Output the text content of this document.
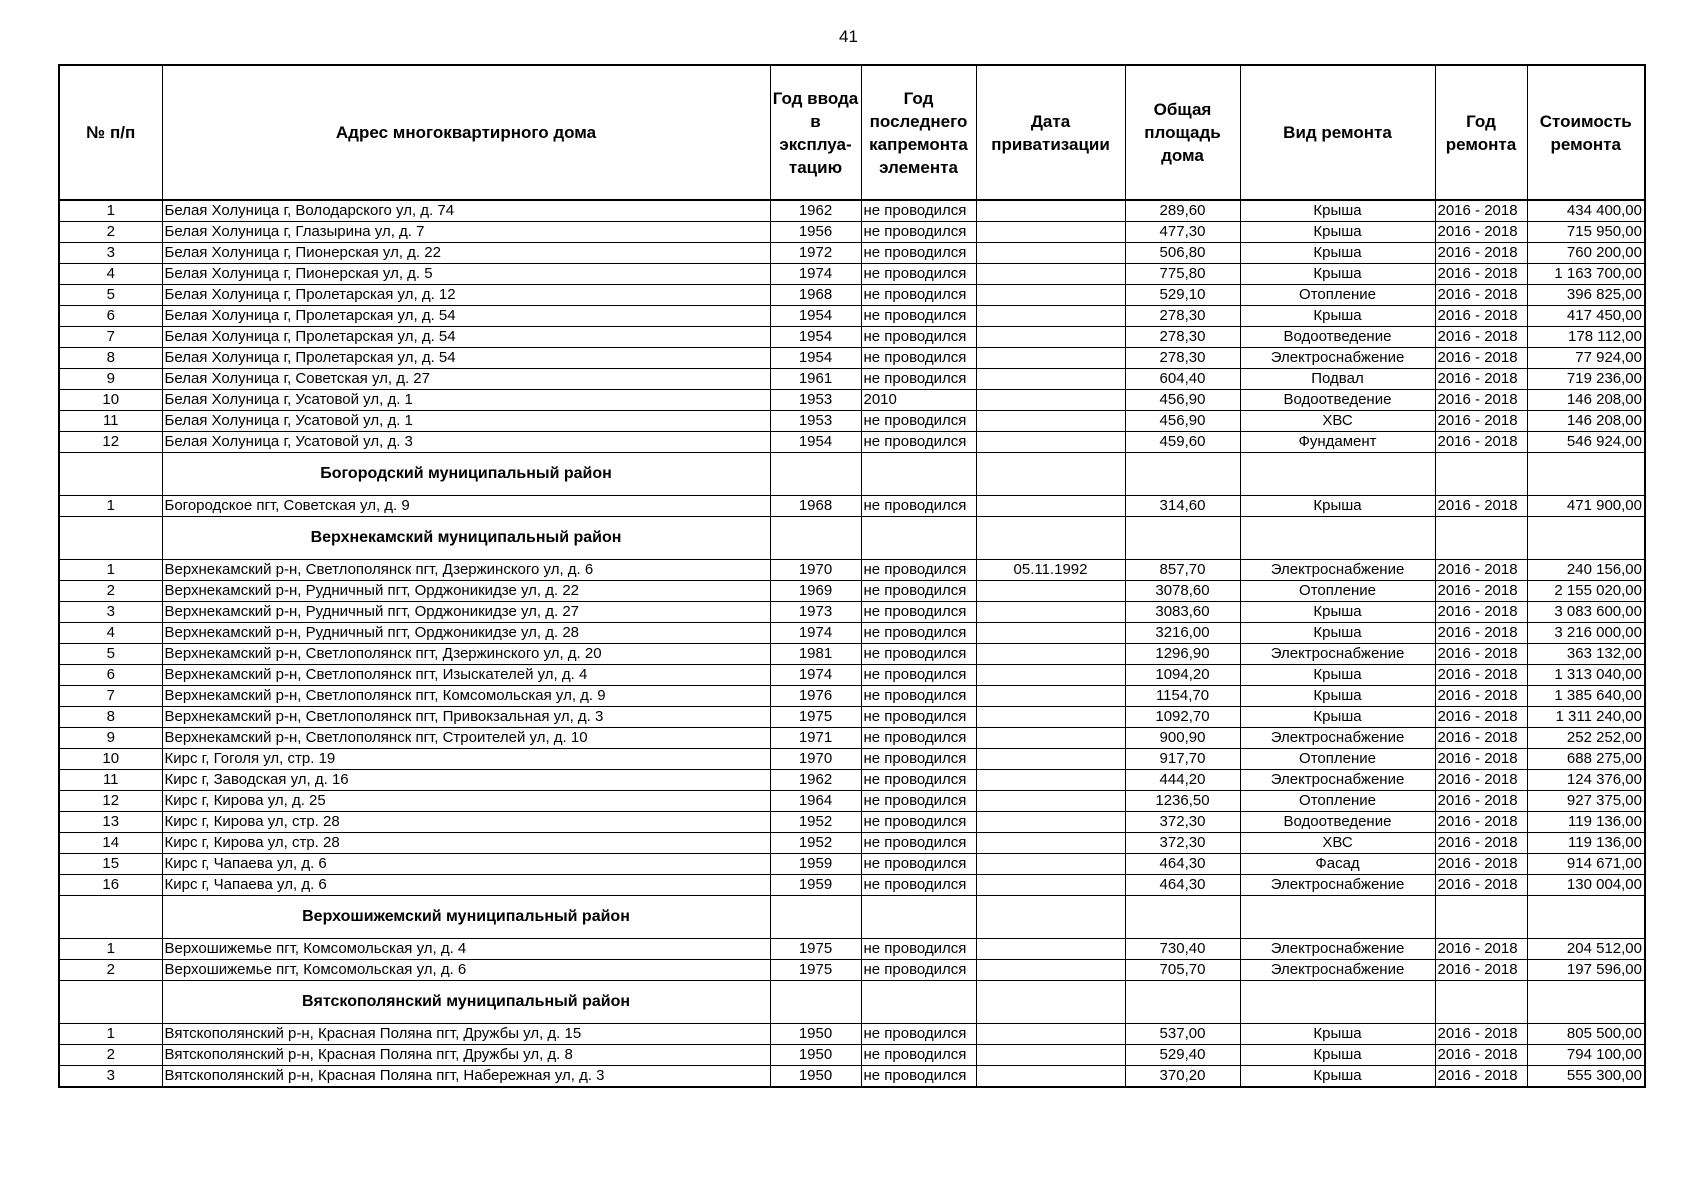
41
№ п/п	Адрес многоквартирного дома	Год ввода в эксплуа-тацию	Год последнего капремонта элемента	Дата приватизации	Общая площадь дома	Вид ремонта	Год ремонта	Стоимость ремонта
1	Белая Холуница г, Володарского ул, д. 74	1962	не проводился		289,60	Крыша	2016 - 2018	434 400,00
2	Белая Холуница г, Глазырина ул, д. 7	1956	не проводился		477,30	Крыша	2016 - 2018	715 950,00
3	Белая Холуница г, Пионерская ул, д. 22	1972	не проводился		506,80	Крыша	2016 - 2018	760 200,00
4	Белая Холуница г, Пионерская ул, д. 5	1974	не проводился		775,80	Крыша	2016 - 2018	1 163 700,00
5	Белая Холуница г, Пролетарская ул, д. 12	1968	не проводился		529,10	Отопление	2016 - 2018	396 825,00
6	Белая Холуница г, Пролетарская ул, д. 54	1954	не проводился		278,30	Крыша	2016 - 2018	417 450,00
7	Белая Холуница г, Пролетарская ул, д. 54	1954	не проводился		278,30	Водоотведение	2016 - 2018	178 112,00
8	Белая Холуница г, Пролетарская ул, д. 54	1954	не проводился		278,30	Электроснабжение	2016 - 2018	77 924,00
9	Белая Холуница г, Советская ул, д. 27	1961	не проводился		604,40	Подвал	2016 - 2018	719 236,00
10	Белая Холуница г, Усатовой ул, д. 1	1953	2010		456,90	Водоотведение	2016 - 2018	146 208,00
11	Белая Холуница г, Усатовой ул, д. 1	1953	не проводился		456,90	ХВС	2016 - 2018	146 208,00
12	Белая Холуница г, Усатовой ул, д. 3	1954	не проводился		459,60	Фундамент	2016 - 2018	546 924,00
	Богородский муниципальный район							
1	Богородское пгт, Советская ул, д. 9	1968	не проводился		314,60	Крыша	2016 - 2018	471 900,00
	Верхнекамский муниципальный район							
1	Верхнекамский р-н, Светлополянск пгт, Дзержинского ул, д. 6	1970	не проводился	05.11.1992	857,70	Электроснабжение	2016 - 2018	240 156,00
2	Верхнекамский р-н, Рудничный пгт, Орджоникидзе ул, д. 22	1969	не проводился		3078,60	Отопление	2016 - 2018	2 155 020,00
3	Верхнекамский р-н, Рудничный пгт, Орджоникидзе ул, д. 27	1973	не проводился		3083,60	Крыша	2016 - 2018	3 083 600,00
4	Верхнекамский р-н, Рудничный пгт, Орджоникидзе ул, д. 28	1974	не проводился		3216,00	Крыша	2016 - 2018	3 216 000,00
5	Верхнекамский р-н, Светлополянск пгт, Дзержинского ул, д. 20	1981	не проводился		1296,90	Электроснабжение	2016 - 2018	363 132,00
6	Верхнекамский р-н, Светлополянск пгт, Изыскателей ул, д. 4	1974	не проводился		1094,20	Крыша	2016 - 2018	1 313 040,00
7	Верхнекамский р-н, Светлополянск пгт, Комсомольская ул, д. 9	1976	не проводился		1154,70	Крыша	2016 - 2018	1 385 640,00
8	Верхнекамский р-н, Светлополянск пгт, Привокзальная ул, д. 3	1975	не проводился		1092,70	Крыша	2016 - 2018	1 311 240,00
9	Верхнекамский р-н, Светлополянск пгт, Строителей ул, д. 10	1971	не проводился		900,90	Электроснабжение	2016 - 2018	252 252,00
10	Кирс г, Гоголя ул, стр. 19	1970	не проводился		917,70	Отопление	2016 - 2018	688 275,00
11	Кирс г, Заводская ул, д. 16	1962	не проводился		444,20	Электроснабжение	2016 - 2018	124 376,00
12	Кирс г, Кирова ул, д. 25	1964	не проводился		1236,50	Отопление	2016 - 2018	927 375,00
13	Кирс г, Кирова ул, стр. 28	1952	не проводился		372,30	Водоотведение	2016 - 2018	119 136,00
14	Кирс г, Кирова ул, стр. 28	1952	не проводился		372,30	ХВС	2016 - 2018	119 136,00
15	Кирс г, Чапаева ул, д. 6	1959	не проводился		464,30	Фасад	2016 - 2018	914 671,00
16	Кирс г, Чапаева ул, д. 6	1959	не проводился		464,30	Электроснабжение	2016 - 2018	130 004,00
	Верхошижемский муниципальный район							
1	Верхошижемье пгт, Комсомольская ул, д. 4	1975	не проводился		730,40	Электроснабжение	2016 - 2018	204 512,00
2	Верхошижемье пгт, Комсомольская ул, д. 6	1975	не проводился		705,70	Электроснабжение	2016 - 2018	197 596,00
	Вятскополянский муниципальный район							
1	Вятскополянский р-н, Красная Поляна пгт, Дружбы ул, д. 15	1950	не проводился		537,00	Крыша	2016 - 2018	805 500,00
2	Вятскополянский р-н, Красная Поляна пгт, Дружбы ул, д. 8	1950	не проводился		529,40	Крыша	2016 - 2018	794 100,00
3	Вятскополянский р-н, Красная Поляна пгт, Набережная ул, д. 3	1950	не проводился		370,20	Крыша	2016 - 2018	555 300,00
